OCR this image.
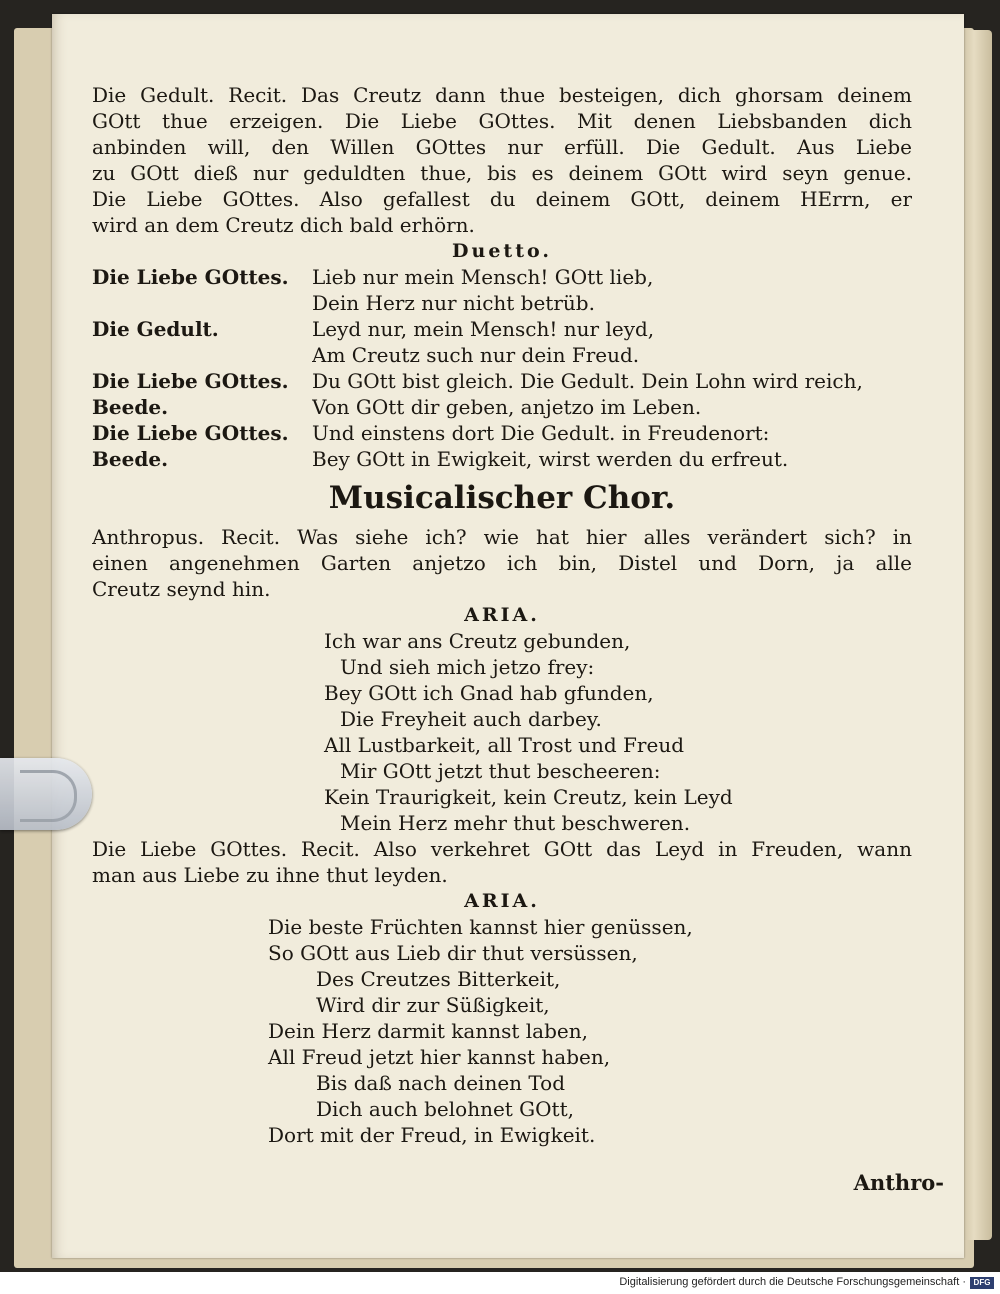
Die Gedult. Recit. Das Creutz dann thue besteigen, dich ghorsam deinem
GOtt thue erzeigen. Die Liebe GOttes. Mit denen Liebsbanden dich
anbinden will, den Willen GOttes nur erfüll. Die Gedult. Aus Liebe
zu GOtt dieß nur geduldten thue, bis es deinem GOtt wird seyn genue.
Die Liebe GOttes. Also gefallest du deinem GOtt, deinem HErrn, er
wird an dem Creutz dich bald erhörn.
Duetto.
Die Liebe GOttes.	Lieb nur mein Mensch! GOtt lieb,
Dein Herz nur nicht betrüb.
Die Gedult.	Leyd nur, mein Mensch! nur leyd,
Am Creutz such nur dein Freud.
Die Liebe GOttes.	Du GOtt bist gleich. Die Gedult. Dein Lohn wird reich,
Beede.	Von GOtt dir geben, anjetzo im Leben.
Die Liebe GOttes.	Und einstens dort Die Gedult. in Freudenort:
Beede.	Bey GOtt in Ewigkeit, wirst werden du erfreut.
Musicalischer Chor.
Anthropus. Recit. Was siehe ich? wie hat hier alles verändert sich? in
einen angenehmen Garten anjetzo ich bin, Distel und Dorn, ja alle
Creutz seynd hin.
ARIA.
Ich war ans Creutz gebunden,
Und sieh mich jetzo frey:
Bey GOtt ich Gnad hab gfunden,
Die Freyheit auch darbey.
All Lustbarkeit, all Trost und Freud
Mir GOtt jetzt thut bescheeren:
Kein Traurigkeit, kein Creutz, kein Leyd
Mein Herz mehr thut beschweren.
Die Liebe GOttes. Recit. Also verkehret GOtt das Leyd in Freuden, wann
man aus Liebe zu ihne thut leyden.
ARIA.
Die beste Früchten kannst hier genüssen,
So GOtt aus Lieb dir thut versüssen,
Des Creutzes Bitterkeit,
Wird dir zur Süßigkeit,
Dein Herz darmit kannst laben,
All Freud jetzt hier kannst haben,
Bis daß nach deinen Tod
Dich auch belohnet GOtt,
Dort mit der Freud, in Ewigkeit.
Anthro-
Digitalisierung gefördert durch die Deutsche Forschungsgemeinschaft · DFG
